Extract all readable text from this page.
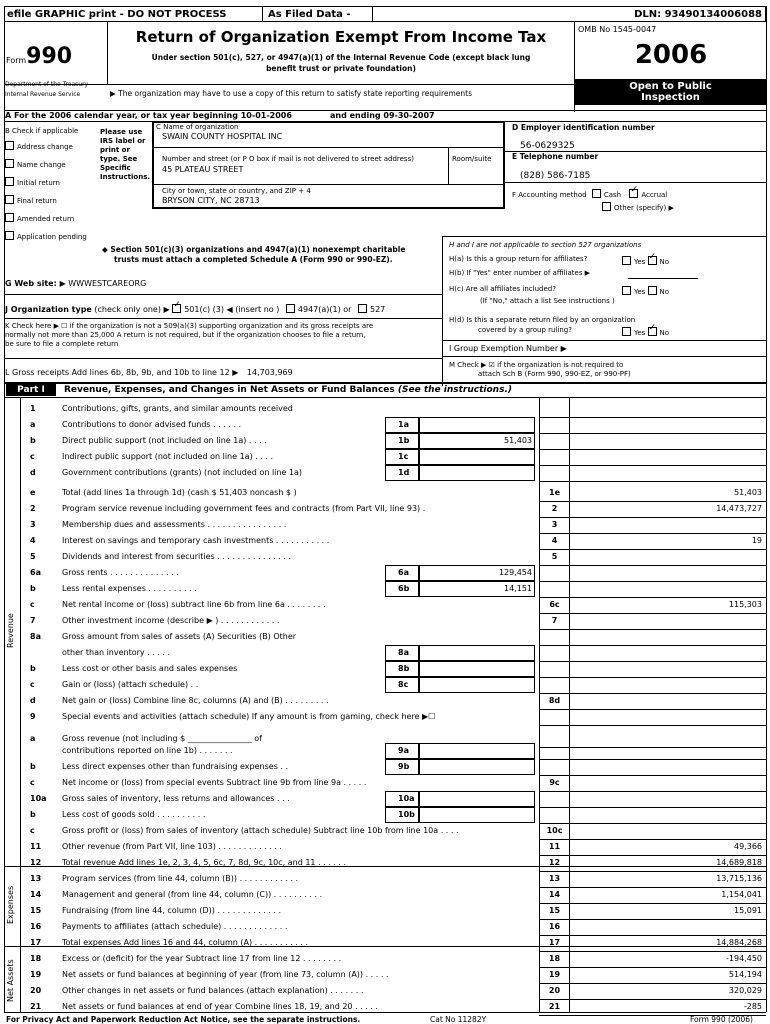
efile GRAPHIC print - DO NOT PROCESS	As Filed Data -	DLN: 93490134006088
Form990
Department of the Treasury
Internal Revenue Service
Return of Organization Exempt From Income Tax
Under section 501(c), 527, or 4947(a)(1) of the Internal Revenue Code (except black lung
benefit trust or private foundation)
▶ The organization may have to use a copy of this return to satisfy state reporting requirements
OMB No 1545-0047
2006
Open to Public
Inspection
A For the 2006 calendar year, or tax year beginning 10-01-2006	and ending 09-30-2007
B Check if applicable
Address change
Name change
Initial return
Final return
Amended return
Application pending
Please use IRS label or print or type. See Specific Instructions.
C Name of organization
SWAIN COUNTY HOSPITAL INC
Number and street (or P O box if mail is not delivered to street address)	Room/suite
45 PLATEAU STREET
City or town, state or country, and ZIP + 4
BRYSON CITY, NC 28713
D Employer identification number
56-0629325
E Telephone number
(828) 586-7185
F Accounting method Cash ✓	Accrual
Other (specify) ▶
◆ Section 501(c)(3) organizations and 4947(a)(1) nonexempt charitable
trusts must attach a completed Schedule A (Form 990 or 990-EZ).
G Web site: ▶ WWWESTCAREORG
J Organization type (check only one) ▶ ✓ 501(c) (3) ◀ (insert no ) 4947(a)(1) or 527
K Check here ▶ ☐ if the organization is not a 509(a)(3) supporting organization and its gross receipts are
normally not more than 25,000 A return is not required, but if the organization chooses to file a return,
be sure to file a complete return
H and I are not applicable to section 527 organizations
H(a) Is this a group return for affiliates?	Yes ✓ No
H(b) If "Yes" enter number of affiliates ▶
H(c) Are all affiliates included?	Yes No
(If "No," attach a list See instructions )
H(d) Is this a separate return filed by an organization
covered by a group ruling?	Yes ✓ No
I Group Exemption Number ▶
M Check ▶ ☑ if the organization is not required to
attach Sch B (Form 990, 990-EZ, or 990-PF)
L Gross receipts Add lines 6b, 8b, 9b, and 10b to line 12 ▶ 14,703,969
Part I	Revenue, Expenses, and Changes in Net Assets or Fund Balances (See the instructions.)
Revenue
Expenses
Net Assets
1	Contributions, gifts, grants, and similar amounts received
a	Contributions to donor advised funds . . . . . .	1a
b	Direct public support (not included on line 1a) . . . .	1b	51,403
c	Indirect public support (not included on line 1a) . . . .	1c
d	Government contributions (grants) (not included on line 1a)	1d
e	Total (add lines 1a through 1d) (cash $ 51,403 noncash $ )	1e	51,403
2	Program service revenue including government fees and contracts (from Part VII, line 93) .	2	14,473,727
3	Membership dues and assessments . . . . . . . . . . . . . . . .	3
4	Interest on savings and temporary cash investments . . . . . . . . . . .	4	19
5	Dividends and interest from securities . . . . . . . . . . . . . . .	5
6a	Gross rents . . . . . . . . . . . . . .	6a	129,454
b	Less rental expenses . . . . . . . . . .	6b	14,151
c	Net rental income or (loss) subtract line 6b from line 6a . . . . . . . .	6c	115,303
7	Other investment income (describe ▶ ) . . . . . . . . . . . .	7
8a	Gross amount from sales of assets (A) Securities (B) Other
other than inventory . . . . .	8a
b	Less cost or other basis and sales expenses	8b
c	Gain or (loss) (attach schedule) . .	8c
d	Net gain or (loss) Combine line 8c, columns (A) and (B) . . . . . . . . .	8d
9	Special events and activities (attach schedule) If any amount is from gaming, check here ▶☐
a	Gross revenue (not including $ ________________ of
contributions reported on line 1b) . . . . . . .	9a
b	Less direct expenses other than fundraising expenses . .	9b
c	Net income or (loss) from special events Subtract line 9b from line 9a . . . . .	9c
10a Gross sales of inventory, less returns and allowances . . .	10a
b	Less cost of goods sold . . . . . . . . . .	10b
c	Gross profit or (loss) from sales of inventory (attach schedule) Subtract line 10b from line 10a . . . .	10c
11	Other revenue (from Part VII, line 103) . . . . . . . . . . . . .	11	49,366
12	Total revenue Add lines 1e, 2, 3, 4, 5, 6c, 7, 8d, 9c, 10c, and 11 . . . . . .	12	14,689,818
13	Program services (from line 44, column (B)) . . . . . . . . . . . .	13	13,715,136
14	Management and general (from line 44, column (C)) . . . . . . . . . .	14	1,154,041
15	Fundraising (from line 44, column (D)) . . . . . . . . . . . . .	15	15,091
16	Payments to affiliates (attach schedule) . . . . . . . . . . . . .	16
17	Total expenses Add lines 16 and 44, column (A) . . . . . . . . . . .	17	14,884,268
18	Excess or (deficit) for the year Subtract line 17 from line 12 . . . . . . . .	18	-194,450
19	Net assets or fund balances at beginning of year (from line 73, column (A)) . . . . .	19	514,194
20	Other changes in net assets or fund balances (attach explanation) . . . . . . .	20	320,029
21	Net assets or fund balances at end of year Combine lines 18, 19, and 20 . . . . .	21	-285
For Privacy Act and Paperwork Reduction Act Notice, see the separate instructions.	Cat No 11282Y	Form 990 (2006)
